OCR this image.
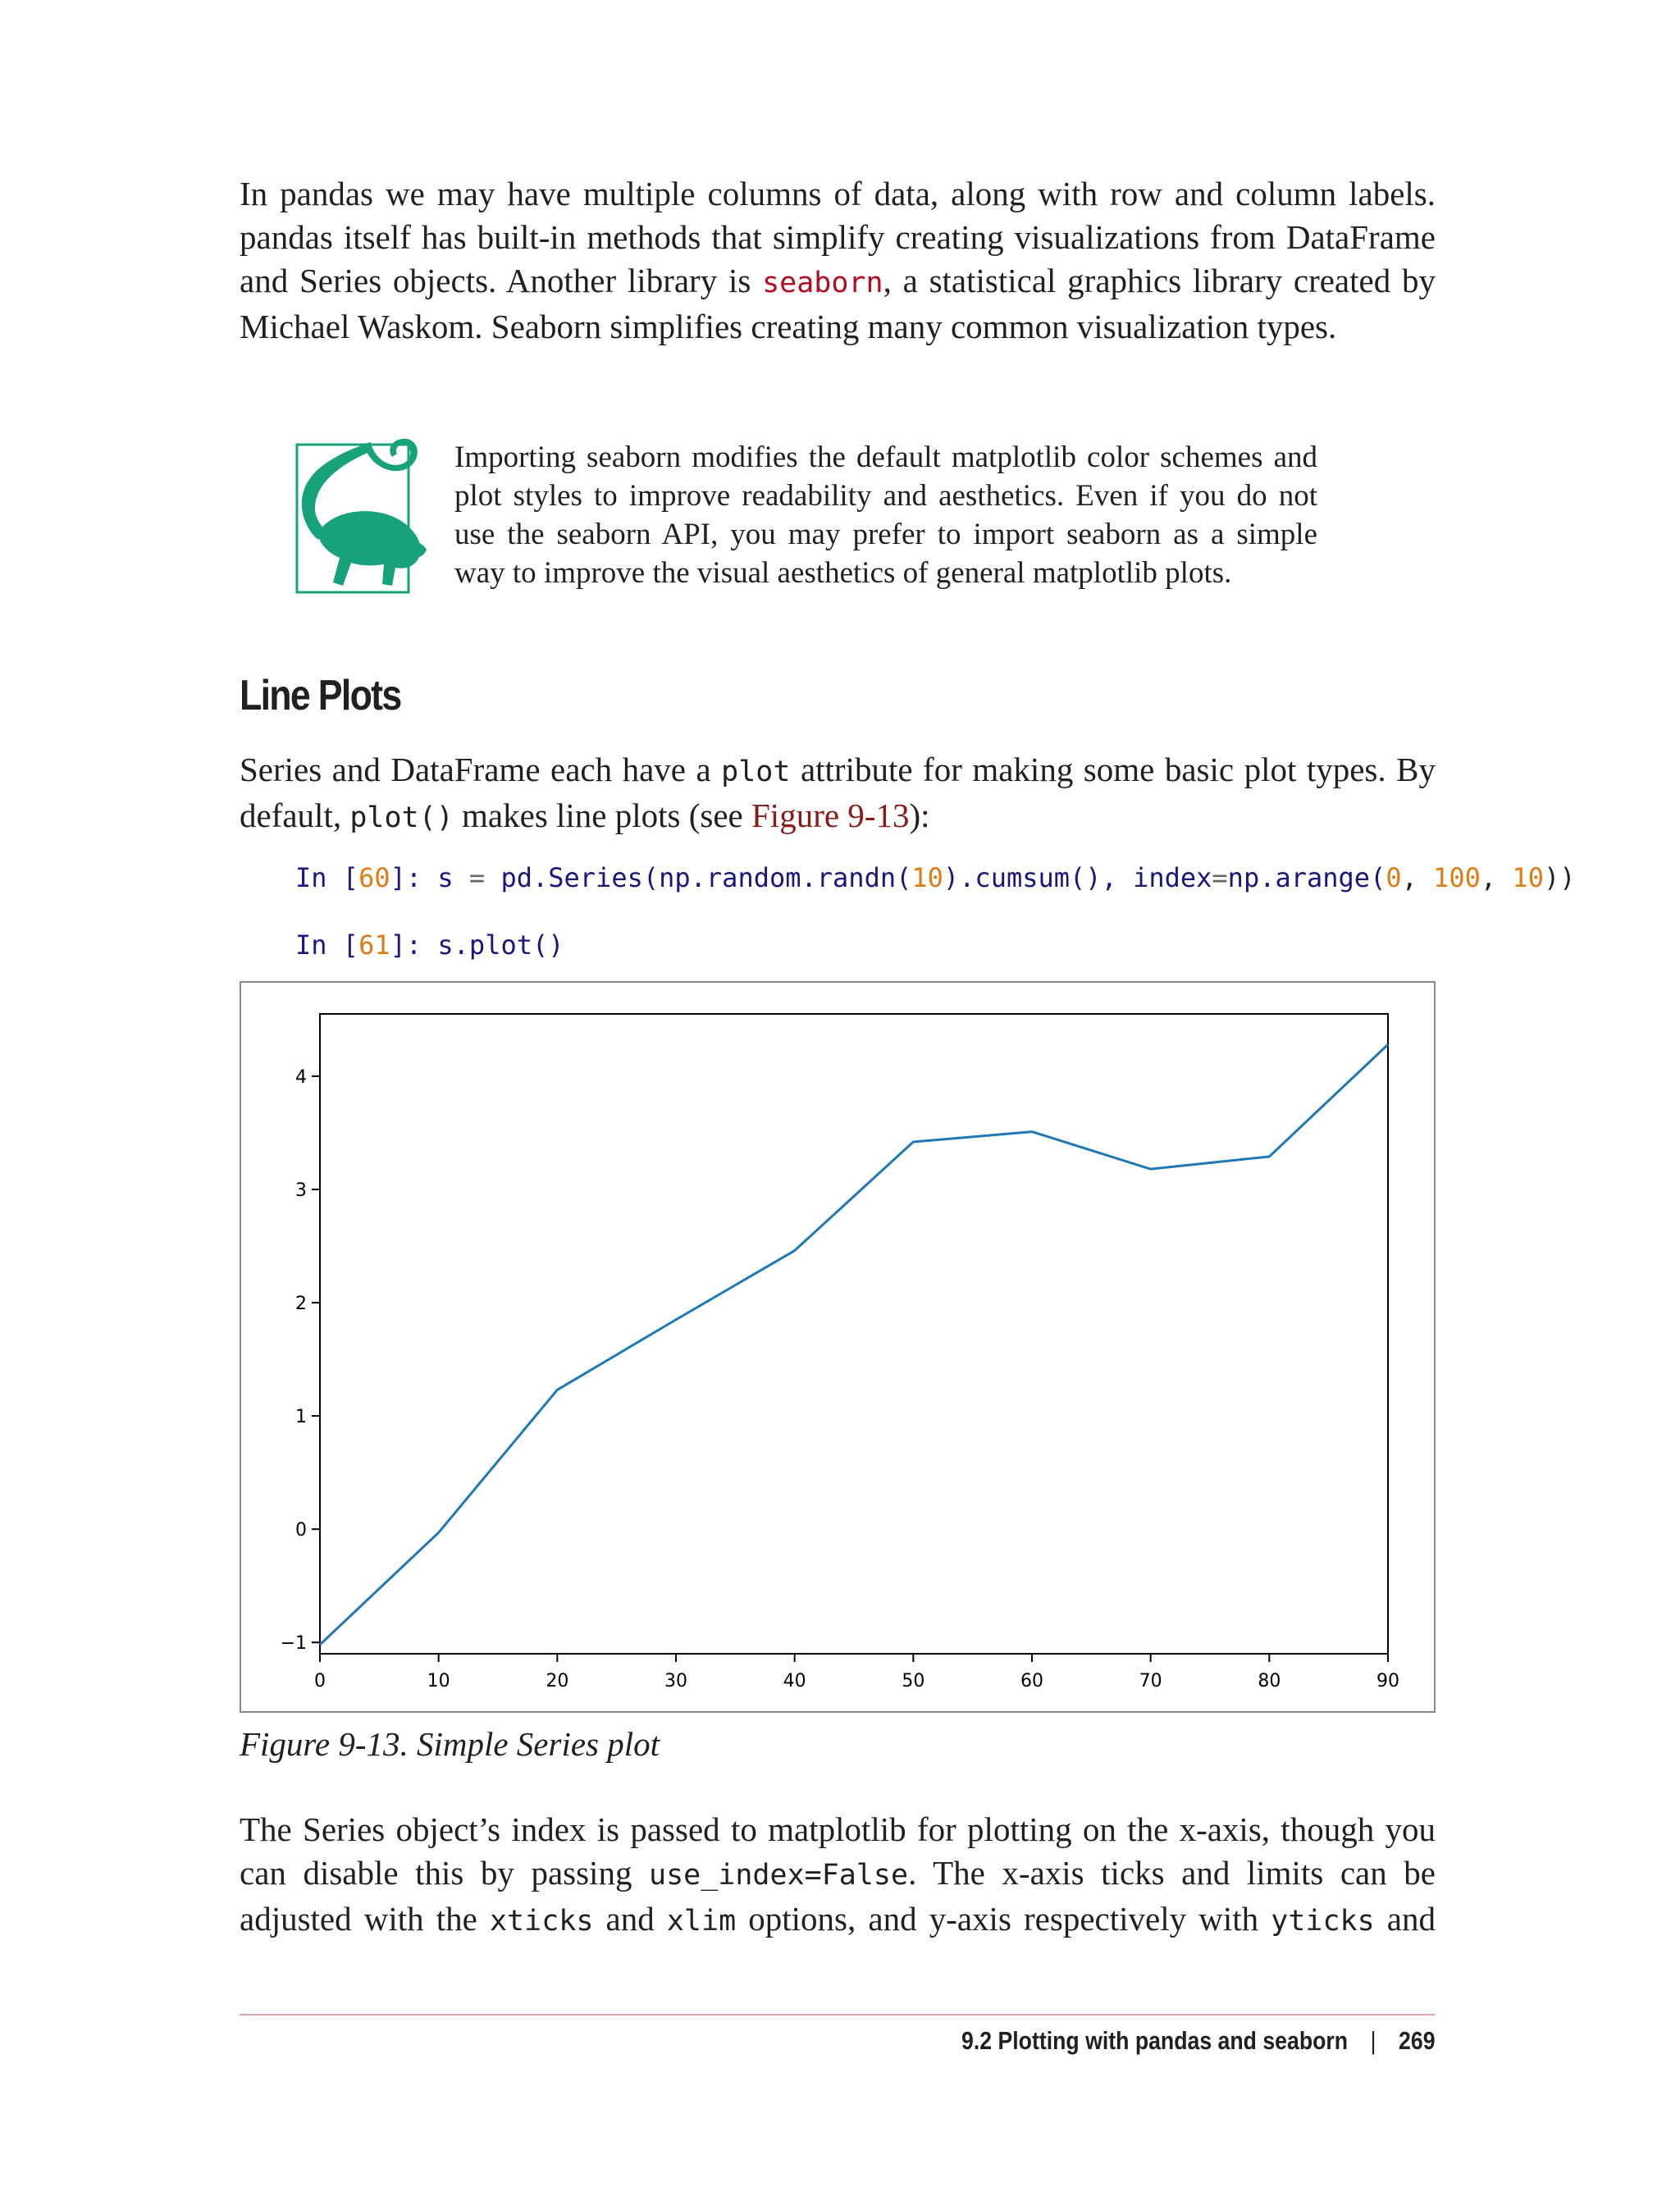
In pandas we may have multiple columns of data, along with row and column labels. pandas itself has built-in methods that simplify creating visualizations from DataFrame and Series objects. Another library is seaborn, a statistical graphics library created by Michael Waskom. Seaborn simplifies creating many common visualization types.

Importing seaborn modifies the default matplotlib color schemes and plot styles to improve readability and aesthetics. Even if you do not use the seaborn API, you may prefer to import seaborn as a simple way to improve the visual aesthetics of general matplotlib plots.

Line Plots

Series and DataFrame each have a plot attribute for making some basic plot types. By default, plot() makes line plots (see Figure 9-13):

In [60]: s = pd.Series(np.random.randn(10).cumsum(), index=np.arange(0, 100, 10))
In [61]: s.plot()
0	10	20	30	40	50	60	70	80	90
−1
0
1
2
3
4

Figure 9-13. Simple Series plot

The Series object’s index is passed to matplotlib for plotting on the x-axis, though you can disable this by passing use_index=False. The x-axis ticks and limits can be adjusted with the xticks and xlim options, and y-axis respectively with yticks and

9.2 Plotting with pandas and seaborn | 269
